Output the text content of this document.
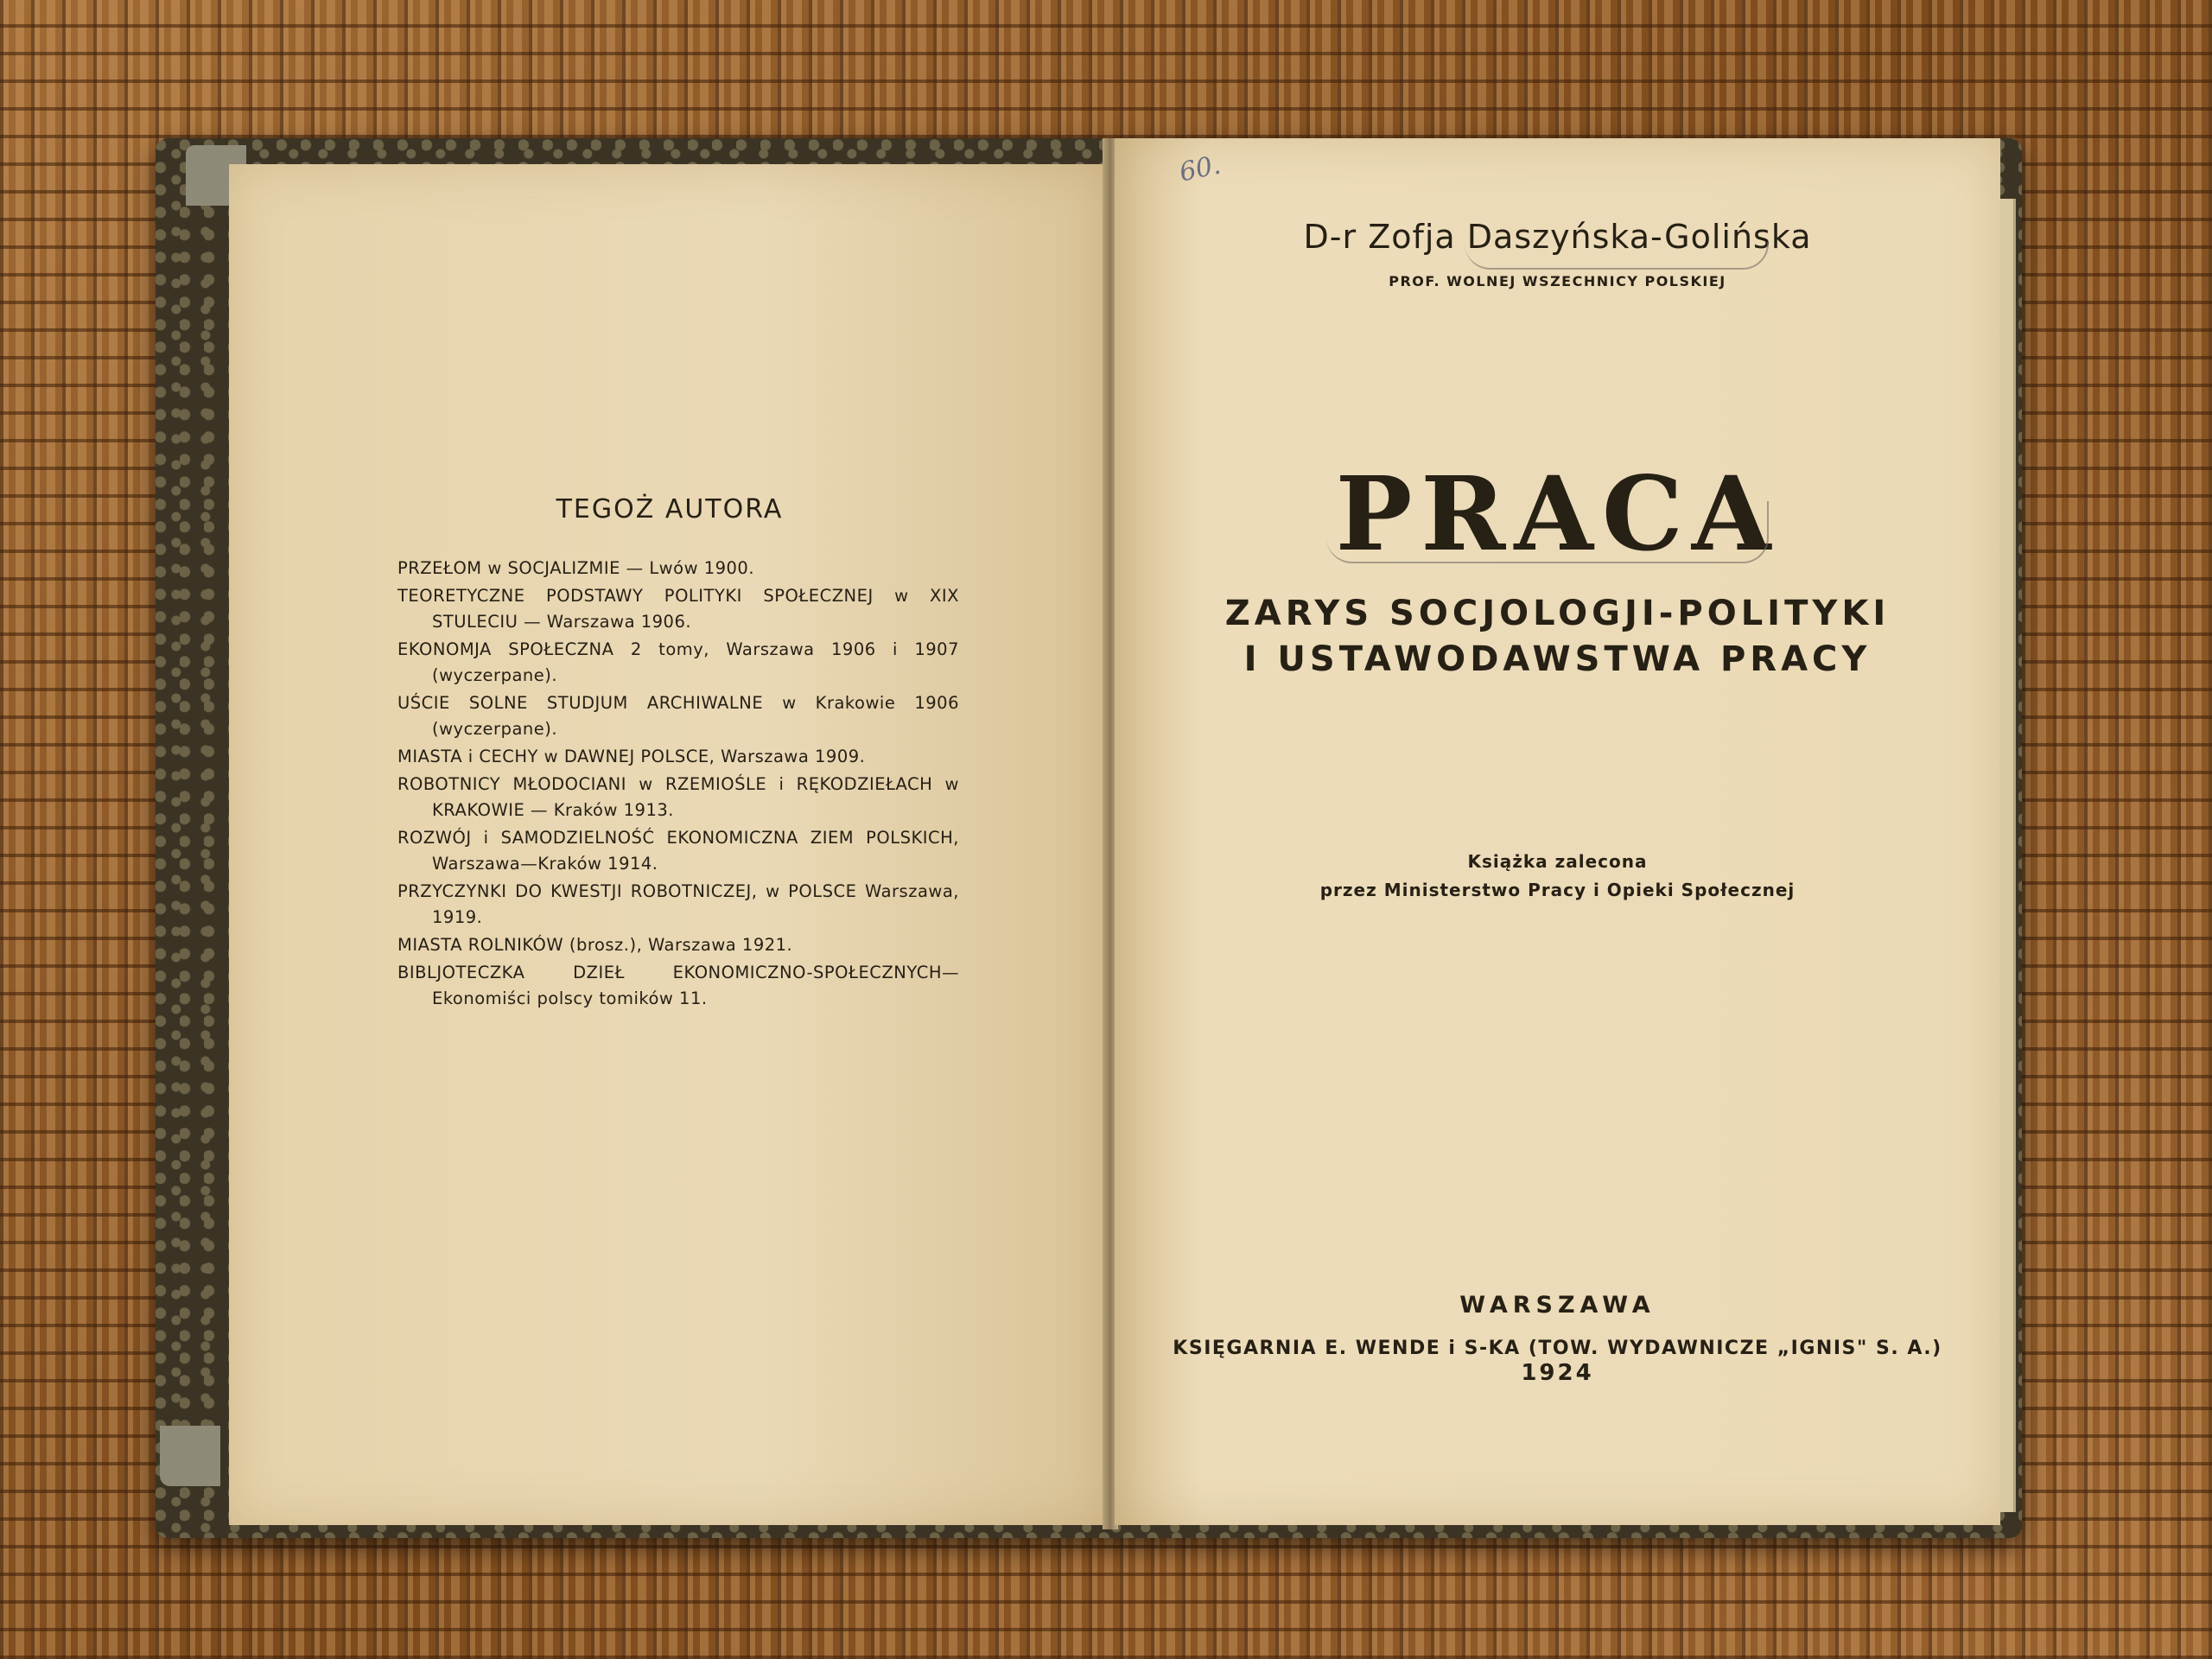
TEGOŻ AUTORA
PRZEŁOM w SOCJALIZMIE — Lwów 1900.
TEORETYCZNE PODSTAWY POLITYKI SPOŁECZNEJ w XIX STULECIU — Warszawa 1906.
EKONOMJA SPOŁECZNA 2 tomy, Warszawa 1906 i 1907 (wyczerpane).
UŚCIE SOLNE STUDJUM ARCHIWALNE w Krakowie 1906 (wyczerpane).
MIASTA i CECHY w DAWNEJ POLSCE, Warszawa 1909.
ROBOTNICY MŁODOCIANI w RZEMIOŚLE i RĘKODZIEŁACH w KRAKOWIE — Kraków 1913.
ROZWÓJ i SAMODZIELNOŚĆ EKONOMICZNA ZIEM POLSKICH, Warszawa—Kraków 1914.
PRZYCZYNKI DO KWESTJI ROBOTNICZEJ, w POLSCE Warszawa, 1919.
MIASTA ROLNIKÓW (brosz.), Warszawa 1921.
BIBLJOTECZKA DZIEŁ EKONOMICZNO-SPOŁECZNYCH—Ekonomiści polscy tomików 11.
60.
D-r Zofja Daszyńska-Golińska
PROF. WOLNEJ WSZECHNICY POLSKIEJ
PRACA
ZARYS SOCJOLOGJI-POLITYKI
I USTAWODAWSTWA PRACY
Książka zalecona
przez Ministerstwo Pracy i Opieki Społecznej
WARSZAWA
KSIĘGARNIA E. WENDE i S-KA (TOW. WYDAWNICZE „IGNIS" S. A.)
1924
